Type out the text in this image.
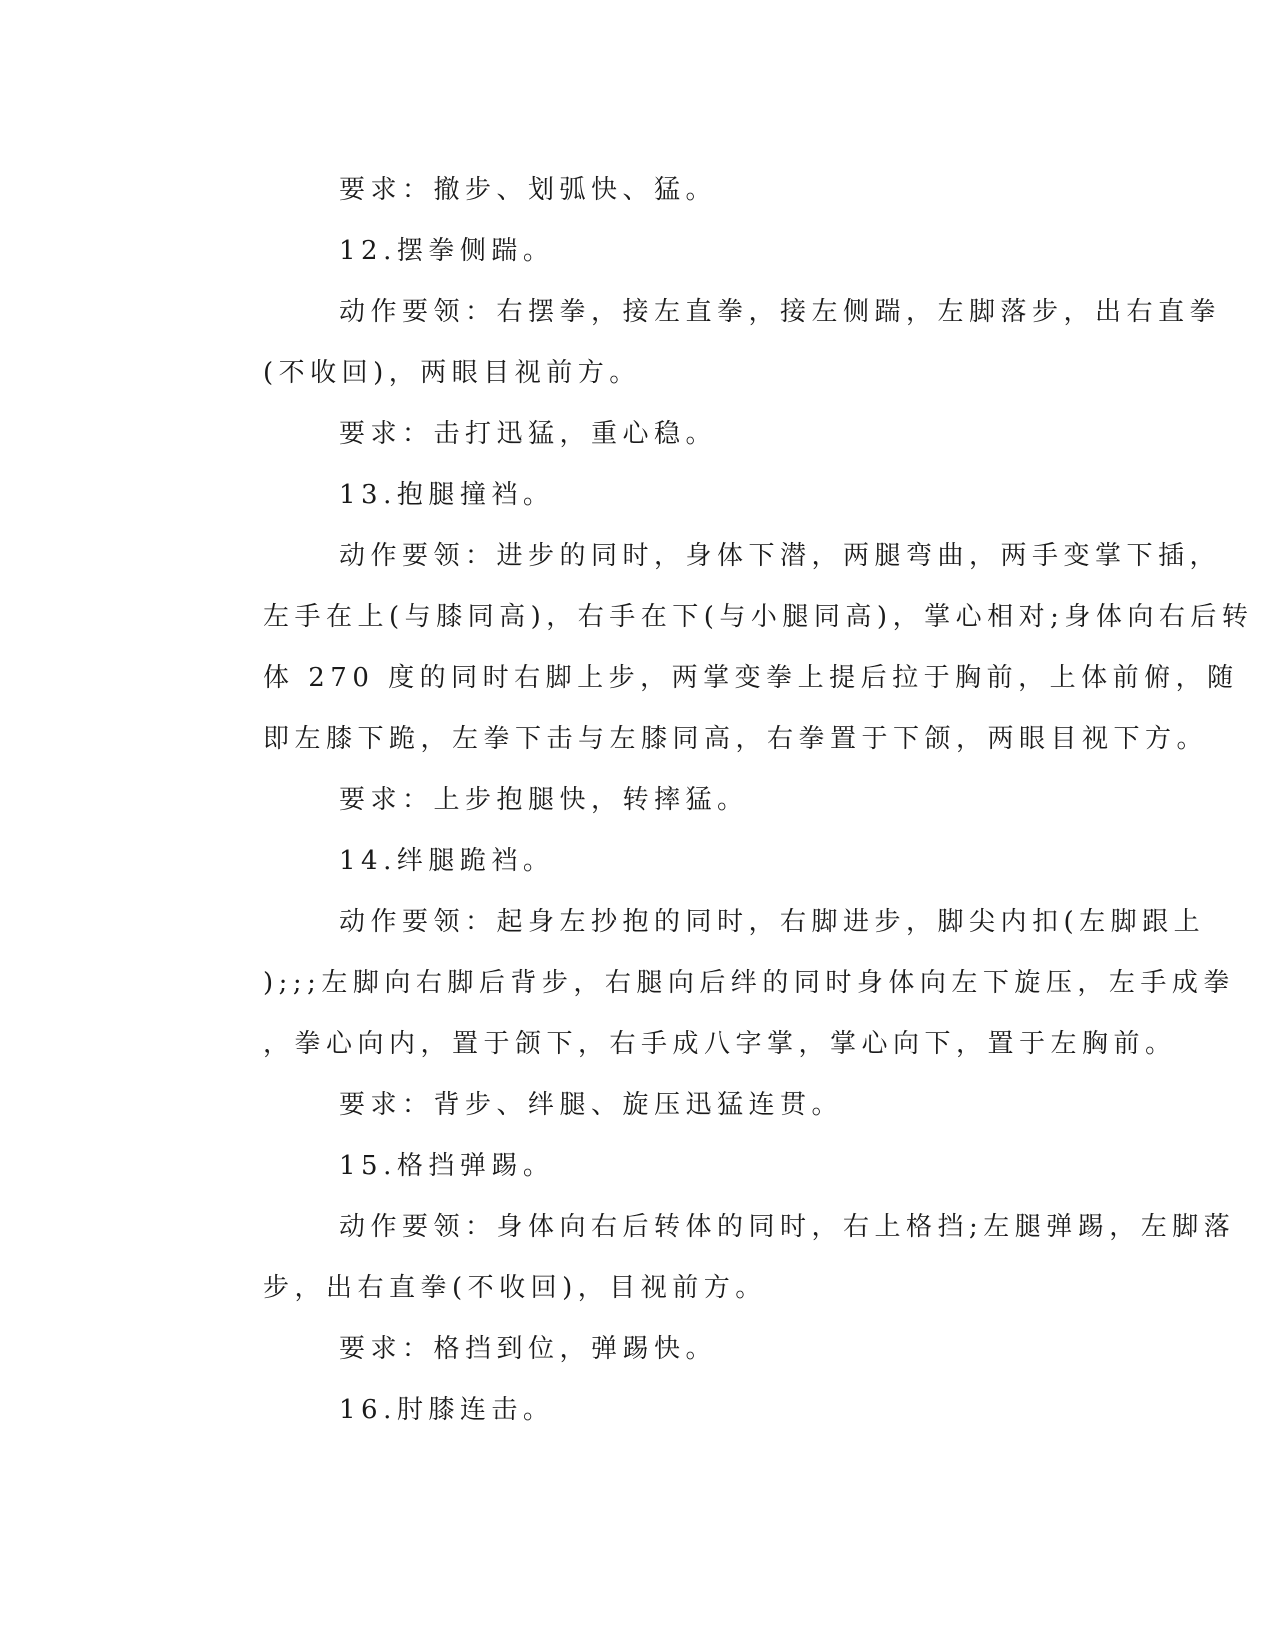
要求：撤步、划弧快、猛。
12.摆拳侧踹。
动作要领：右摆拳，接左直拳，接左侧踹，左脚落步，出右直拳
(不收回)，两眼目视前方。
要求：击打迅猛，重心稳。
13.抱腿撞裆。
动作要领：进步的同时，身体下潜，两腿弯曲，两手变掌下插，
左手在上(与膝同高)，右手在下(与小腿同高)，掌心相对;身体向右后转
体 270 度的同时右脚上步，两掌变拳上提后拉于胸前，上体前俯，随
即左膝下跪，左拳下击与左膝同高，右拳置于下颌，两眼目视下方。
要求：上步抱腿快，转摔猛。
14.绊腿跪裆。
动作要领：起身左抄抱的同时，右脚进步，脚尖内扣(左脚跟上
);;;左脚向右脚后背步，右腿向后绊的同时身体向左下旋压，左手成拳
，拳心向内，置于颌下，右手成八字掌，掌心向下，置于左胸前。
要求：背步、绊腿、旋压迅猛连贯。
15.格挡弹踢。
动作要领：身体向右后转体的同时，右上格挡;左腿弹踢，左脚落
步，出右直拳(不收回)，目视前方。
要求：格挡到位，弹踢快。
16.肘膝连击。
